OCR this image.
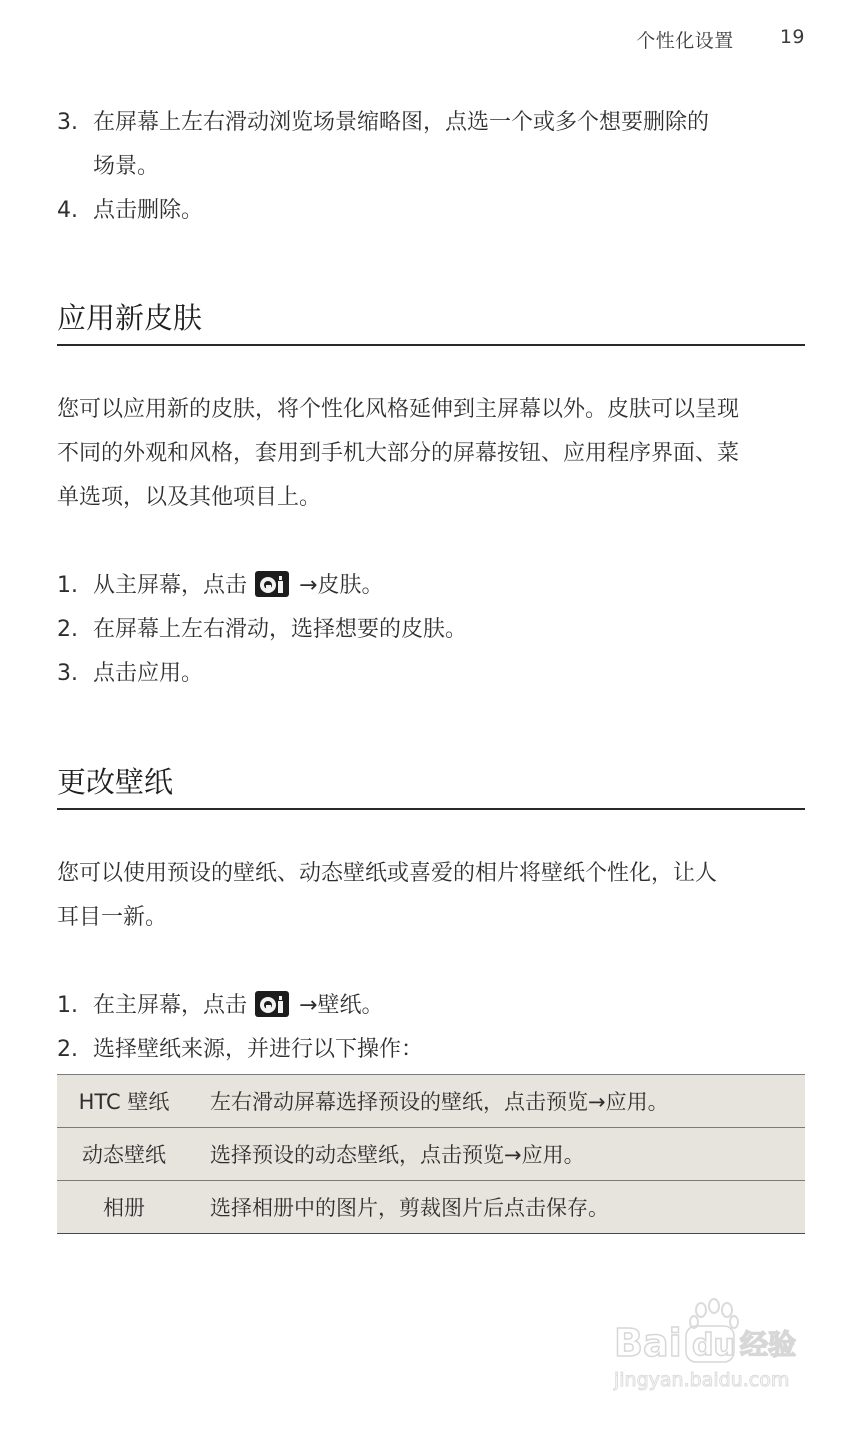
个性化设置 19
3. 在屏幕上左右滑动浏览场景缩略图，点选一个或多个想要删除的
场景。
4. 点击删除。
应用新皮肤
您可以应用新的皮肤，将个性化风格延伸到主屏幕以外。皮肤可以呈现
不同的外观和风格，套用到手机大部分的屏幕按钮、应用程序界面、菜
单选项，以及其他项目上。
1. 从主屏幕，点击 →皮肤。
2. 在屏幕上左右滑动，选择想要的皮肤。
3. 点击应用。
更改壁纸
您可以使用预设的壁纸、动态壁纸或喜爱的相片将壁纸个性化，让人
耳目一新。
1. 在主屏幕，点击 →壁纸。
2. 选择壁纸来源，并进行以下操作：
HTC 壁纸	左右滑动屏幕选择预设的壁纸，点击预览→应用。
动态壁纸	选择预设的动态壁纸，点击预览→应用。
相册	选择相册中的图片，剪裁图片后点击保存。
Bai du 经验
jingyan.baidu.com
